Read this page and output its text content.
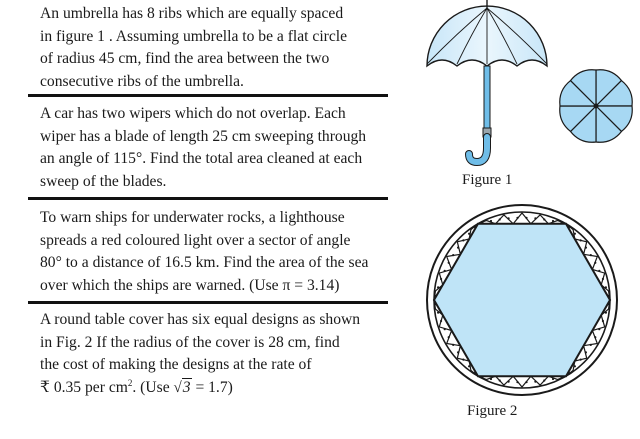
An umbrella has 8 ribs which are equally spaced

in figure 1 . Assuming umbrella to be a flat circle

of radius 45 cm, find the area between the two

consecutive ribs of the umbrella.

A car has two wipers which do not overlap. Each

wiper has a blade of length 25 cm sweeping through

an angle of 115°. Find the total area cleaned at each

sweep of the blades.

To warn ships for underwater rocks, a lighthouse

spreads a red coloured light over a sector of angle

80° to a distance of 16.5 km. Find the area of the sea

over which the ships are warned. (Use π = 3.14)

A round table cover has six equal designs as shown

in Fig. 2 If the radius of the cover is 28 cm, find

the cost of making the designs at the rate of

₹ 0.35 per $cm^2$. (Use √3 = 1.7)

Figure 1
Figure 2
